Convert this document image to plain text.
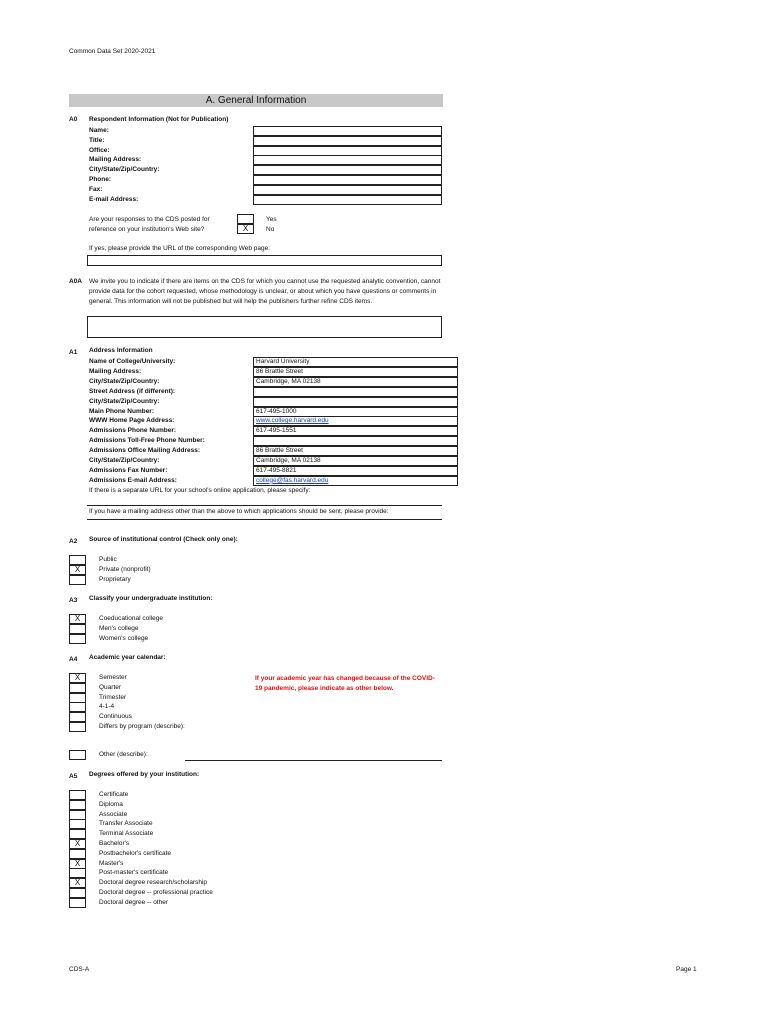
Common Data Set 2020-2021
A. General Information
A0 Respondent Information (Not for Publication)
Name:
Title:
Office:
Mailing Address:
City/State/Zip/Country:
Phone:
Fax:
E-mail Address:
Are your responses to the CDS posted for
reference on your institution's Web site?	X
Yes
No
If yes, please provide the URL of the corresponding Web page:
A0A We invite you to indicate if there are items on the CDS for which you cannot use the requested analytic convention, cannot provide data for the cohort requested, whose methodology is unclear, or about which you have questions or comments in general. This information will not be published but will help the publishers further refine CDS items.
A1 Address Information
Name of College/University:	Harvard University
Mailing Address:	86 Brattle Street
City/State/Zip/Country:	Cambridge, MA 02138
Street Address (if different):
City/State/Zip/Country:
Main Phone Number:	617-495-1000
WWW Home Page Address:	www.college.harvard.edu
Admissions Phone Number:	617-495-1551
Admissions Toll-Free Phone Number:
Admissions Office Mailing Address:	86 Brattle Street
City/State/Zip/Country:	Cambridge, MA 02138
Admissions Fax Number:	617-495-8821
Admissions E-mail Address:	college@fas.harvard.edu
If there is a separate URL for your school's online application, please specify:
If you have a mailing address other than the above to which applications should be sent, please provide:
A2 Source of institutional control (Check only one):
Public
X	Private (nonprofit)
Proprietary
A3 Classify your undergraduate institution:
X	Coeducational college
Men's college
Women's college
A4 Academic year calendar:
X	Semester
Quarter
Trimester
4-1-4
Continuous
Differs by program (describe):
If your academic year has changed because of the COVID-19 pandemic, please indicate as other below.
Other (describe):
A5 Degrees offered by your institution:
Certificate
Diploma
Associate
Transfer Associate
Terminal Associate
X	Bachelor's
Postbachelor's certificate
X	Master's
Post-master's certificate
X	Doctoral degree research/scholarship
Doctoral degree -- professional practice
Doctoral degree -- other
CDS-A	Page 1
